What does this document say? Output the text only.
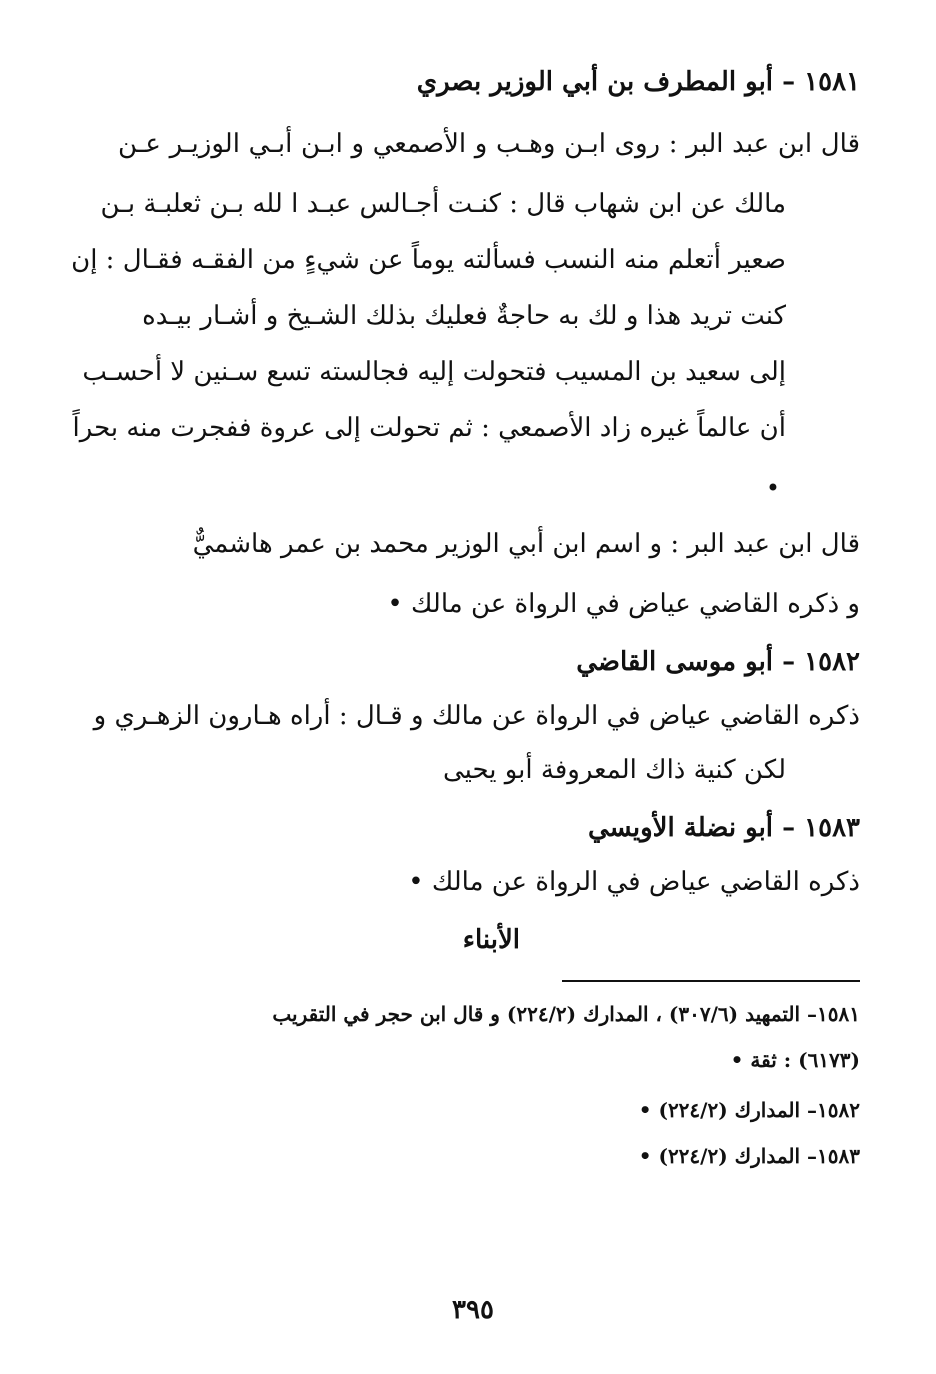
١٥٨١ – أبو المطرف بن أبي الوزير بصري
قال ابن عبد البر : روى ابـن وهـب و الأصمعي و ابـن أبـي الوزيـر عـن
مالك عن ابن شهاب قال : كنـت أجـالس عبـد ا لله بـن ثعلبـة بـن
صعير أتعلم منه النسب فسألته يوماً عن شيءٍ من الفقـه فقـال : إن
كنت تريد هذا و لك به حاجةٌ فعليك بذلك الشـيخ و أشـار بيـده
إلى سعيد بن المسيب فتحولت إليه فجالسته تسع سـنين لا أحسـب
أن عالماً غيره زاد الأصمعي : ثم تحولت إلى عروة ففجرت منه بحراً
•
قال ابن عبد البر : و اسم ابن أبي الوزير محمد بن عمر هاشميٌّ
و ذكره القاضي عياض في الرواة عن مالك •
١٥٨٢ – أبو موسى القاضي
ذكره القاضي عياض في الرواة عن مالك و قـال : أراه هـارون الزهـري و
لكن كنية ذاك المعروفة أبو يحيى
١٥٨٣ – أبو نضلة الأويسي
ذكره القاضي عياض في الرواة عن مالك •
الأبناء
١٥٨١– التمهيد (٣٠٧/٦) ، المدارك (٢٢٤/٢) و قال ابن حجر في التقريب
(٦١٧٣) : ثقة •
١٥٨٢– المدارك (٢٢٤/٢) •
١٥٨٣– المدارك (٢٢٤/٢) •
٣٩٥
